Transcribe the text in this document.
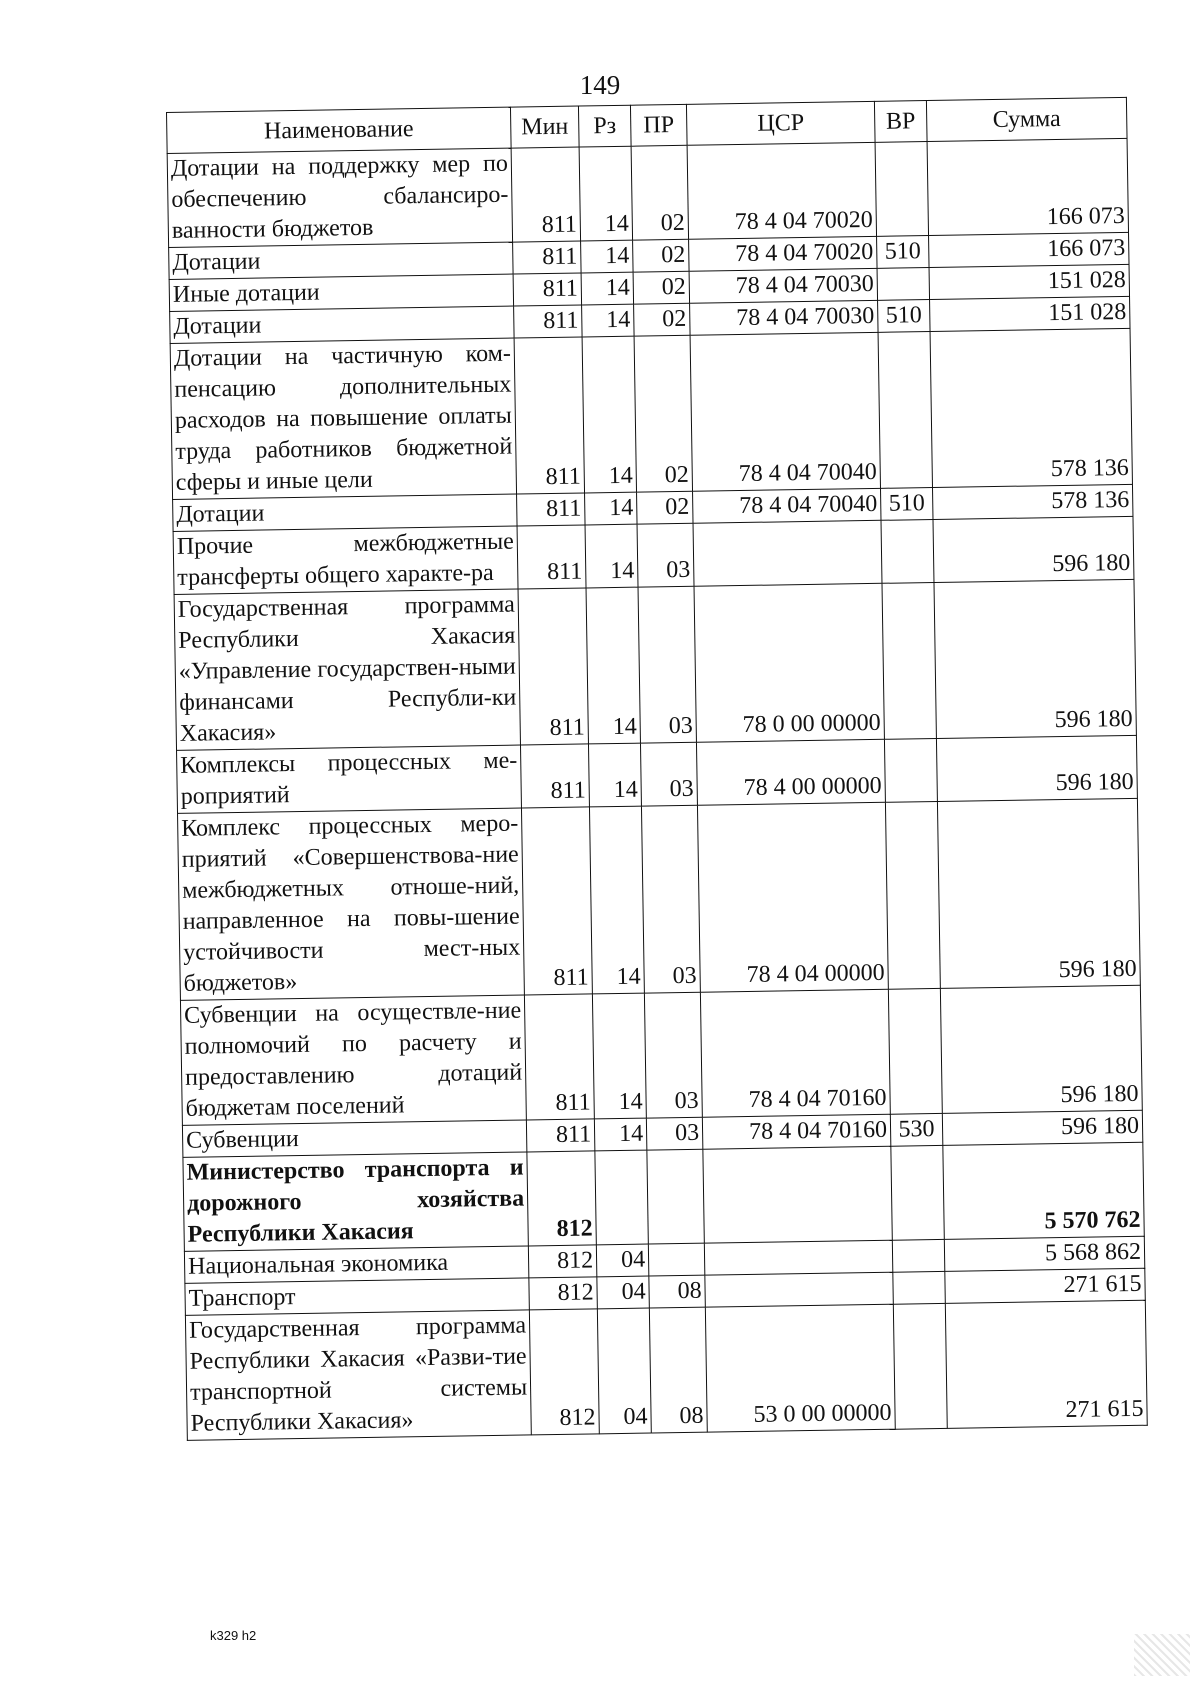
149
Наименование	Мин	Рз	ПР	ЦСР	ВР	Сумма
Дотации на поддержку мер по обеспечению сбалансиро-ванности бюджетов	811	14	02	78 4 04 70020		166 073
Дотации	811	14	02	78 4 04 70020	510	166 073
Иные дотации	811	14	02	78 4 04 70030		151 028
Дотации	811	14	02	78 4 04 70030	510	151 028
Дотации на частичную ком-пенсацию дополнительных расходов на повышение оплаты труда работников бюджетной сферы и иные цели	811	14	02	78 4 04 70040		578 136
Дотации	811	14	02	78 4 04 70040	510	578 136
Прочие межбюджетные трансферты общего характе-ра	811	14	03			596 180
Государственная программа Республики Хакасия «Управление государствен-ными финансами Республи-ки Хакасия»	811	14	03	78 0 00 00000		596 180
Комплексы процессных ме-роприятий	811	14	03	78 4 00 00000		596 180
Комплекс процессных меро-приятий «Совершенствова-ние межбюджетных отноше-ний, направленное на повы-шение устойчивости мест-ных бюджетов»	811	14	03	78 4 04 00000		596 180
Субвенции на осуществле-ние полномочий по расчету и предоставлению дотаций бюджетам поселений	811	14	03	78 4 04 70160		596 180
Субвенции	811	14	03	78 4 04 70160	530	596 180
Министерство транспорта и дорожного хозяйства Республики Хакасия	812					5 570 762
Национальная экономика	812	04				5 568 862
Транспорт	812	04	08			271 615
Государственная программа Республики Хакасия «Разви-тие транспортной системы Республики Хакасия»	812	04	08	53 0 00 00000		271 615
k329 h2
